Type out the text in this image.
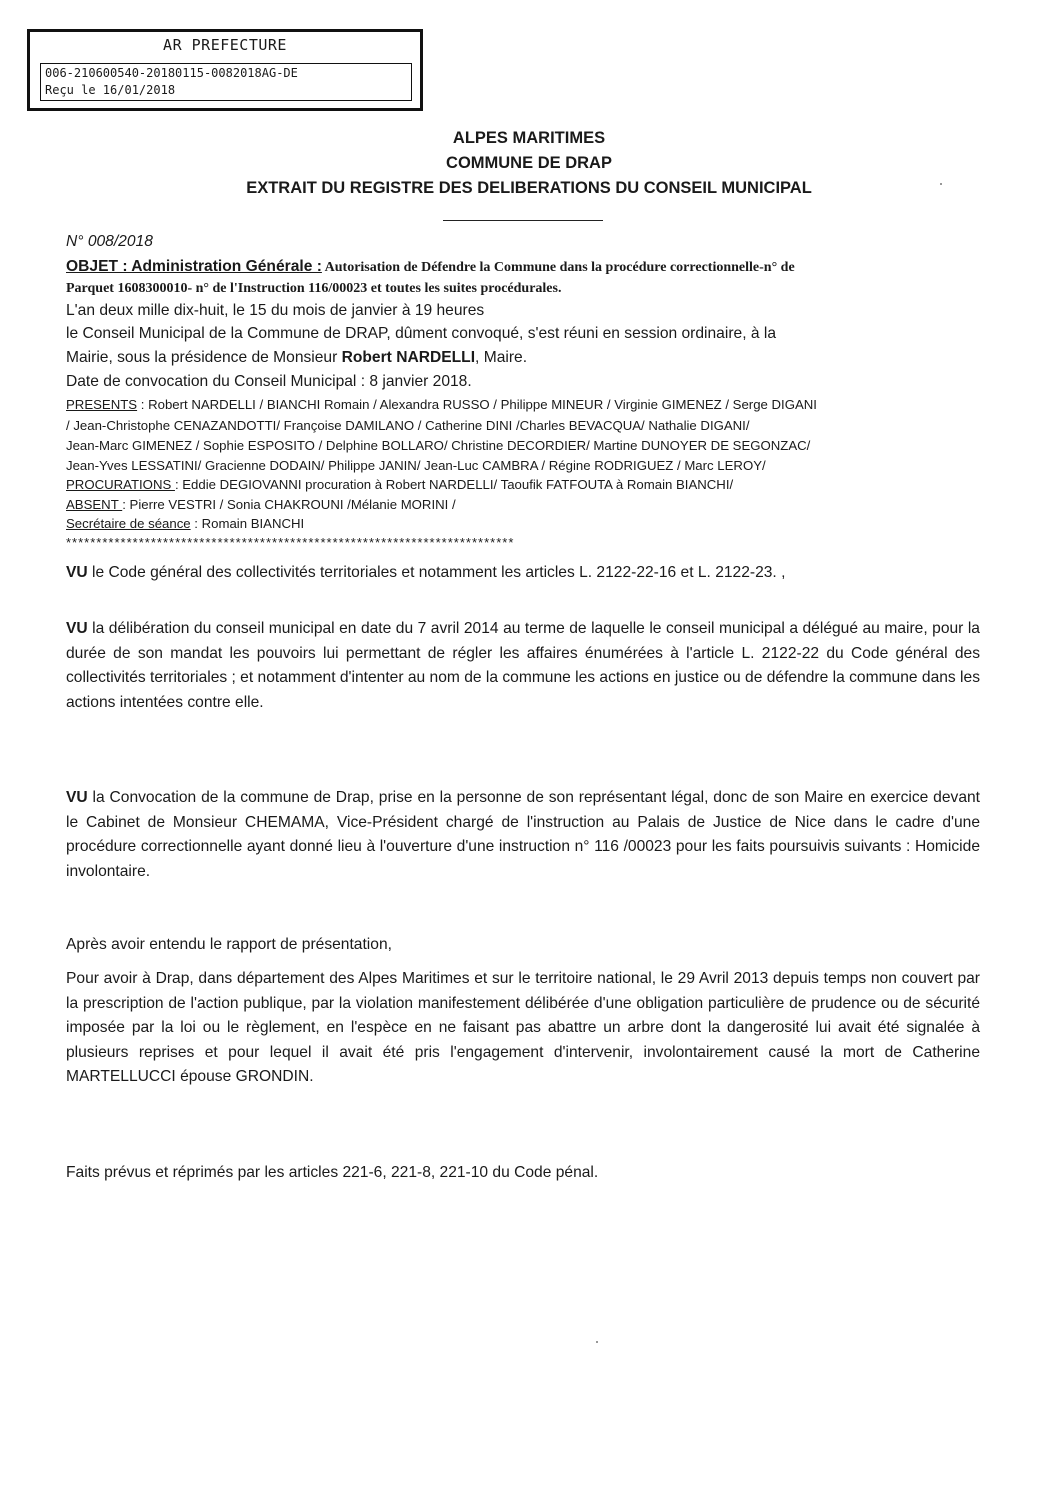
AR PREFECTURE
006-210600540-20180115-0082018AG-DE
Reçu le 16/01/2018
ALPES MARITIMES
COMMUNE DE DRAP
EXTRAIT DU REGISTRE DES DELIBERATIONS DU CONSEIL MUNICIPAL
N° 008/2018
OBJET : Administration Générale : Autorisation de Défendre la Commune dans la procédure correctionnelle-n° de
Parquet 1608300010- n° de l'Instruction 116/00023 et toutes les suites procédurales.
L'an deux mille dix-huit, le 15 du mois de janvier à 19 heures
le Conseil Municipal de la Commune de DRAP, dûment convoqué, s'est réuni en session ordinaire, à la
Mairie, sous la présidence de Monsieur Robert NARDELLI, Maire.
Date de convocation du Conseil Municipal : 8 janvier 2018.
PRESENTS : Robert NARDELLI / BIANCHI Romain / Alexandra RUSSO / Philippe MINEUR / Virginie GIMENEZ / Serge DIGANI
/ Jean-Christophe CENAZANDOTTI/ Françoise DAMILANO / Catherine DINI /Charles BEVACQUA/ Nathalie DIGANI/
Jean-Marc GIMENEZ / Sophie ESPOSITO / Delphine BOLLARO/ Christine DECORDIER/ Martine DUNOYER DE SEGONZAC/
Jean-Yves LESSATINI/ Gracienne DODAIN/ Philippe JANIN/ Jean-Luc CAMBRA / Régine RODRIGUEZ / Marc LEROY/
PROCURATIONS : Eddie DEGIOVANNI procuration à Robert NARDELLI/ Taoufik FATFOUTA à Romain BIANCHI/
ABSENT : Pierre VESTRI / Sonia CHAKROUNI /Mélanie MORINI /
Secrétaire de séance : Romain BIANCHI
**************************************************************************
VU le Code général des collectivités territoriales et notamment les articles L. 2122-22-16 et L. 2122-23. ,
VU la délibération du conseil municipal en date du 7 avril 2014 au terme de laquelle le conseil municipal a délégué au maire, pour la durée de son mandat les pouvoirs lui permettant de régler les affaires énumérées à l'article L. 2122-22 du Code général des collectivités territoriales ; et notamment d'intenter au nom de la commune les actions en justice ou de défendre la commune dans les actions intentées contre elle.
VU la Convocation de la commune de Drap, prise en la personne de son représentant légal, donc de son Maire en exercice devant le Cabinet de Monsieur CHEMAMA, Vice-Président chargé de l'instruction au Palais de Justice de Nice dans le cadre d'une procédure correctionnelle ayant donné lieu à l'ouverture d'une instruction n° 116 /00023 pour les faits poursuivis suivants : Homicide involontaire.
Après avoir entendu le rapport de présentation,
Pour avoir à Drap, dans département des Alpes Maritimes et sur le territoire national, le 29 Avril 2013 depuis temps non couvert par la prescription de l'action publique, par la violation manifestement délibérée d'une obligation particulière de prudence ou de sécurité imposée par la loi ou le règlement, en l'espèce en ne faisant pas abattre un arbre dont la dangerosité lui avait été signalée à plusieurs reprises et pour lequel il avait été pris l'engagement d'intervenir, involontairement causé la mort de Catherine MARTELLUCCI épouse GRONDIN.
Faits prévus et réprimés par les articles 221-6, 221-8, 221-10 du Code pénal.
